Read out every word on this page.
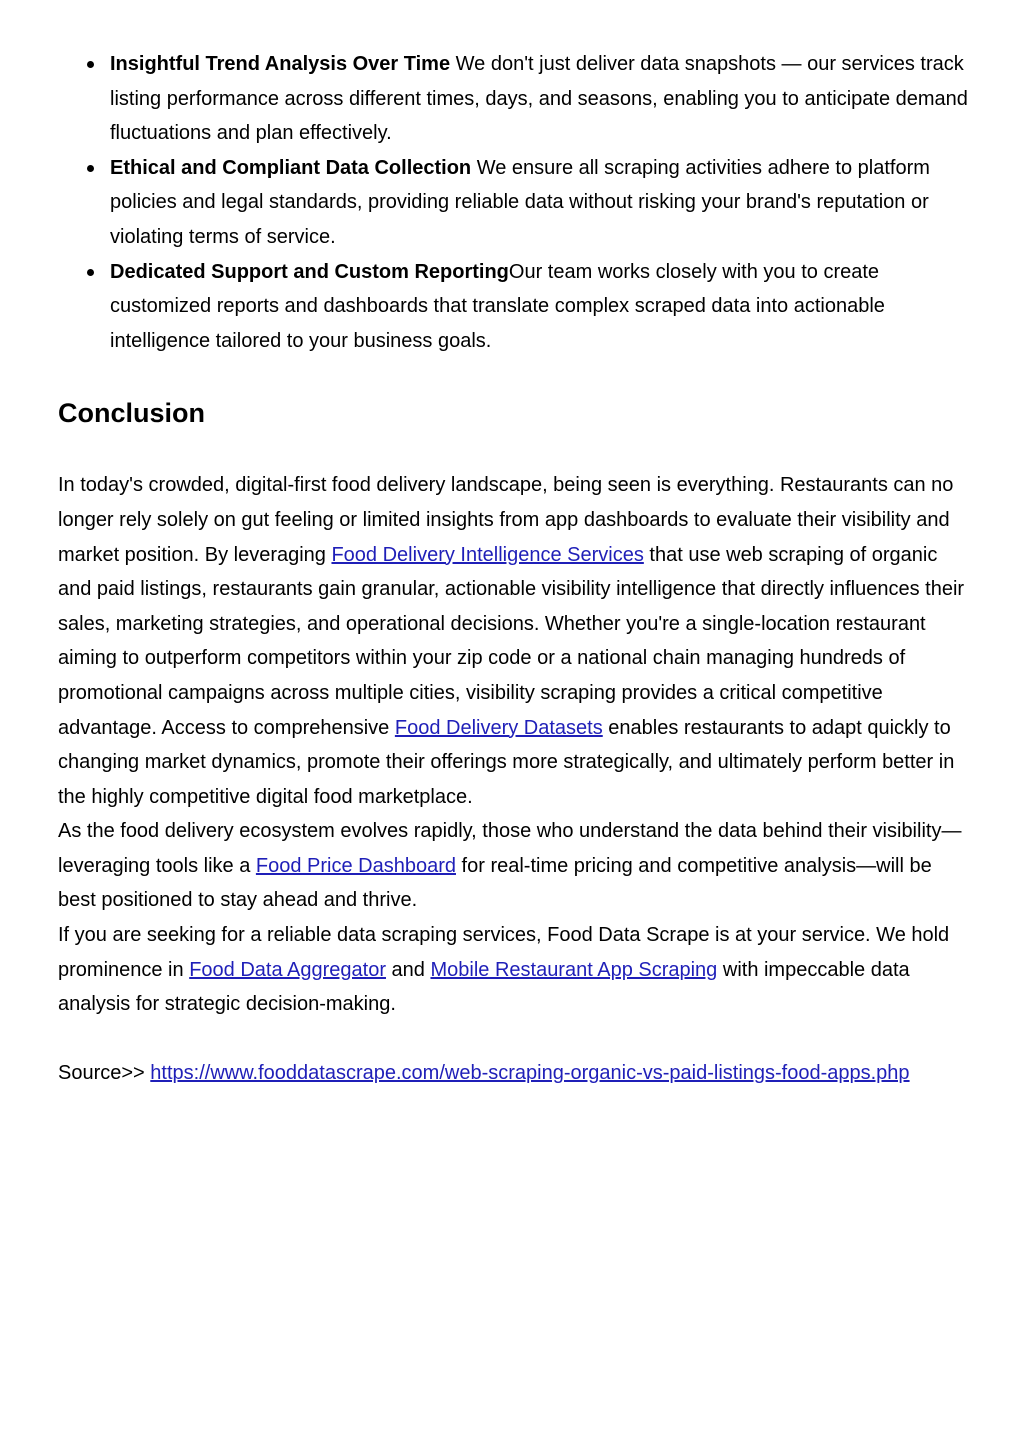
Insightful Trend Analysis Over Time We don't just deliver data snapshots — our services track listing performance across different times, days, and seasons, enabling you to anticipate demand fluctuations and plan effectively.
Ethical and Compliant Data Collection We ensure all scraping activities adhere to platform policies and legal standards, providing reliable data without risking your brand's reputation or violating terms of service.
Dedicated Support and Custom ReportingOur team works closely with you to create customized reports and dashboards that translate complex scraped data into actionable intelligence tailored to your business goals.
Conclusion

In today's crowded, digital-first food delivery landscape, being seen is everything. Restaurants can no longer rely solely on gut feeling or limited insights from app dashboards to evaluate their visibility and market position. By leveraging Food Delivery Intelligence Services that use web scraping of organic and paid listings, restaurants gain granular, actionable visibility intelligence that directly influences their sales, marketing strategies, and operational decisions. Whether you're a single-location restaurant aiming to outperform competitors within your zip code or a national chain managing hundreds of promotional campaigns across multiple cities, visibility scraping provides a critical competitive advantage. Access to comprehensive Food Delivery Datasets enables restaurants to adapt quickly to changing market dynamics, promote their offerings more strategically, and ultimately perform better in the highly competitive digital food marketplace.

As the food delivery ecosystem evolves rapidly, those who understand the data behind their visibility—leveraging tools like a Food Price Dashboard for real-time pricing and competitive analysis—will be best positioned to stay ahead and thrive.

If you are seeking for a reliable data scraping services, Food Data Scrape is at your service. We hold prominence in Food Data Aggregator and Mobile Restaurant App Scraping with impeccable data analysis for strategic decision-making.

Source>> https://www.fooddatascrape.com/web-scraping-organic-vs-paid-listings-food-apps.php
